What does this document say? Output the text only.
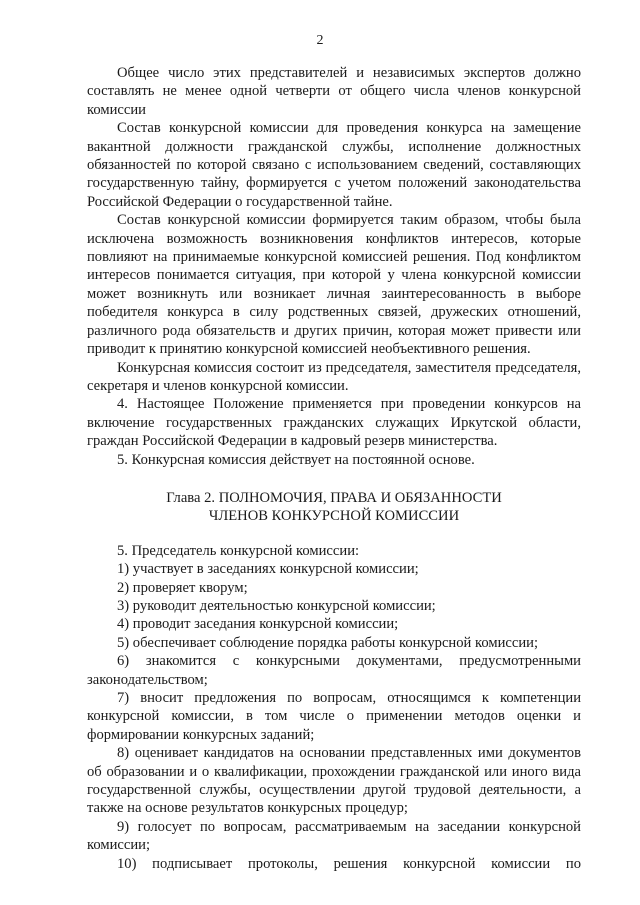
2

Общее число этих представителей и независимых экспертов должно составлять не менее одной четверти от общего числа членов конкурсной комиссии

Состав конкурсной комиссии для проведения конкурса на замещение вакантной должности гражданской службы, исполнение должностных обязанностей по которой связано с использованием сведений, составляющих государственную тайну, формируется с учетом положений законодательства Российской Федерации о государственной тайне.

Состав конкурсной комиссии формируется таким образом, чтобы была исключена возможность возникновения конфликтов интересов, которые повлияют на принимаемые конкурсной комиссией решения. Под конфликтом интересов понимается ситуация, при которой у члена конкурсной комиссии может возникнуть или возникает личная заинтересованность в выборе победителя конкурса в силу родственных связей, дружеских отношений, различного рода обязательств и других причин, которая может привести или приводит к принятию конкурсной комиссией необъективного решения.

Конкурсная комиссия состоит из председателя, заместителя председателя, секретаря и членов конкурсной комиссии.

4. Настоящее Положение применяется при проведении конкурсов на включение государственных гражданских служащих Иркутской области, граждан Российской Федерации в кадровый резерв министерства.

5. Конкурсная комиссия действует на постоянной основе.

Глава 2. ПОЛНОМОЧИЯ, ПРАВА И ОБЯЗАННОСТИ
ЧЛЕНОВ КОНКУРСНОЙ КОМИССИИ

5. Председатель конкурсной комиссии:

1) участвует в заседаниях конкурсной комиссии;

2) проверяет кворум;

3) руководит деятельностью конкурсной комиссии;

4) проводит заседания конкурсной комиссии;

5) обеспечивает соблюдение порядка работы конкурсной комиссии;

6) знакомится с конкурсными документами, предусмотренными законодательством;

7) вносит предложения по вопросам, относящимся к компетенции конкурсной комиссии, в том числе о применении методов оценки и формировании конкурсных заданий;

8) оценивает кандидатов на основании представленных ими документов об образовании и о квалификации, прохождении гражданской или иного вида государственной службы, осуществлении другой трудовой деятельности, а также на основе результатов конкурсных процедур;

9) голосует по вопросам, рассматриваемым на заседании конкурсной комиссии;

10) подписывает протоколы, решения конкурсной комиссии по
